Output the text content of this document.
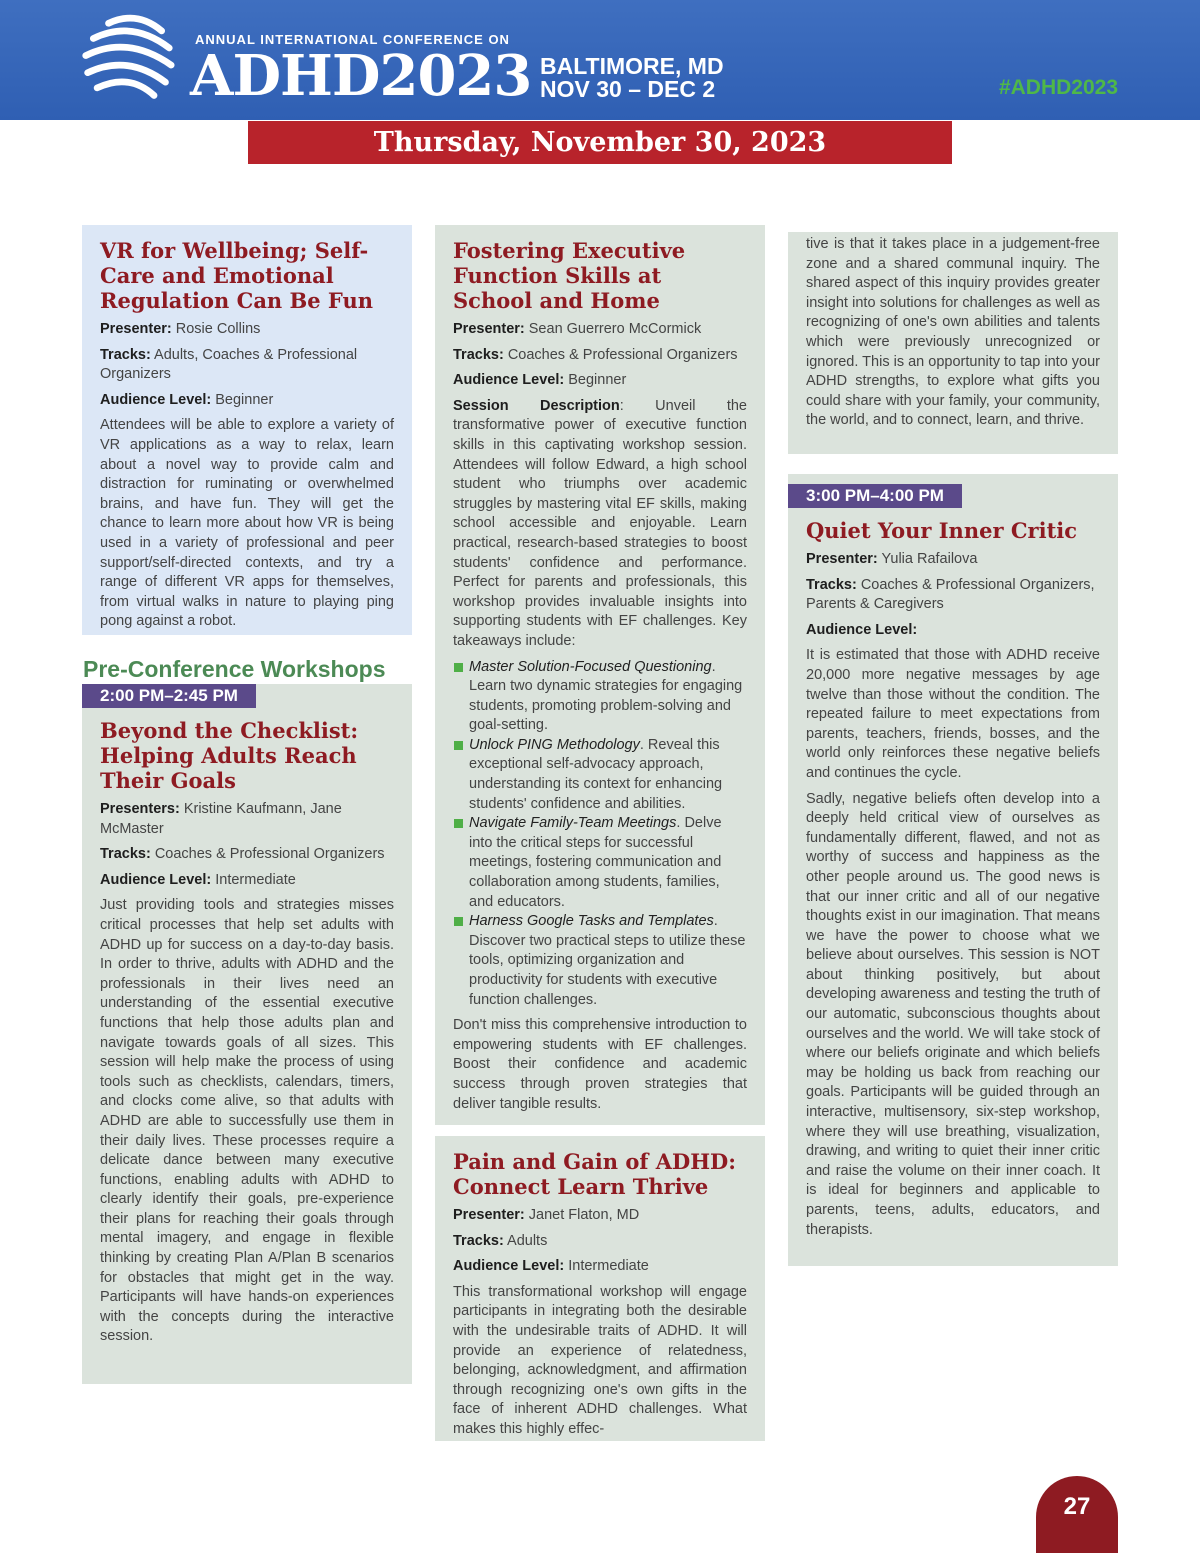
ANNUAL INTERNATIONAL CONFERENCE ON
ADHD2023 BALTIMORE, MD
NOV 30 – DEC 2	#ADHD2023
Thursday, November 30, 2023
VR for Wellbeing; Self-Care and Emotional Regulation Can Be Fun
Presenter: Rosie Collins
Tracks: Adults, Coaches & Professional Organizers
Audience Level: Beginner
Attendees will be able to explore a variety of VR applications as a way to relax, learn about a novel way to provide calm and distraction for ruminating or overwhelmed brains, and have fun. They will get the chance to learn more about how VR is being used in a variety of professional and peer support/self-directed contexts, and try a range of different VR apps for themselves, from virtual walks in nature to playing ping pong against a robot.
Pre-Conference Workshops
2:00 PM–2:45 PM
Beyond the Checklist: Helping Adults Reach Their Goals
Presenters: Kristine Kaufmann, Jane McMaster
Tracks: Coaches & Professional Organizers
Audience Level: Intermediate
Just providing tools and strategies misses critical processes that help set adults with ADHD up for success on a day-to-day basis. In order to thrive, adults with ADHD and the professionals in their lives need an understanding of the essential executive functions that help those adults plan and navigate towards goals of all sizes. This session will help make the process of using tools such as checklists, calendars, timers, and clocks come alive, so that adults with ADHD are able to successfully use them in their daily lives. These processes require a delicate dance between many executive functions, enabling adults with ADHD to clearly identify their goals, pre-experience their plans for reaching their goals through mental imagery, and engage in flexible thinking by creating Plan A/Plan B scenarios for obstacles that might get in the way. Participants will have hands-on experiences with the concepts during the interactive session.
Fostering Executive Function Skills at School and Home
Presenter: Sean Guerrero McCormick
Tracks: Coaches & Professional Organizers
Audience Level: Beginner
Session Description: Unveil the transformative power of executive function skills in this captivating workshop session. Attendees will follow Edward, a high school student who triumphs over academic struggles by mastering vital EF skills, making school accessible and enjoyable. Learn practical, research-based strategies to boost students' confidence and performance. Perfect for parents and professionals, this workshop provides invaluable insights into supporting students with EF challenges. Key takeaways include:
Master Solution-Focused Questioning. Learn two dynamic strategies for engaging students, promoting problem-solving and goal-setting.
Unlock PING Methodology. Reveal this exceptional self-advocacy approach, understanding its context for enhancing students' confidence and abilities.
Navigate Family-Team Meetings. Delve into the critical steps for successful meetings, fostering communication and collaboration among students, families, and educators.
Harness Google Tasks and Templates. Discover two practical steps to utilize these tools, optimizing organization and productivity for students with executive function challenges.
Don't miss this comprehensive introduction to empowering students with EF challenges. Boost their confidence and academic success through proven strategies that deliver tangible results.
Pain and Gain of ADHD: Connect Learn Thrive
Presenter: Janet Flaton, MD
Tracks: Adults
Audience Level: Intermediate
This transformational workshop will engage participants in integrating both the desirable with the undesirable traits of ADHD. It will provide an experience of relatedness, belonging, acknowledgment, and affirmation through recognizing one's own gifts in the face of inherent ADHD challenges. What makes this highly effec-
tive is that it takes place in a judgement-free zone and a shared communal inquiry. The shared aspect of this inquiry provides greater insight into solutions for challenges as well as recognizing of one's own abilities and talents which were previously unrecognized or ignored. This is an opportunity to tap into your ADHD strengths, to explore what gifts you could share with your family, your community, the world, and to connect, learn, and thrive.
3:00 PM–4:00 PM
Quiet Your Inner Critic
Presenter: Yulia Rafailova
Tracks: Coaches & Professional Organizers, Parents & Caregivers
Audience Level:
It is estimated that those with ADHD receive 20,000 more negative messages by age twelve than those without the condition. The repeated failure to meet expectations from parents, teachers, friends, bosses, and the world only reinforces these negative beliefs and continues the cycle.
Sadly, negative beliefs often develop into a deeply held critical view of ourselves as fundamentally different, flawed, and not as worthy of success and happiness as the other people around us. The good news is that our inner critic and all of our negative thoughts exist in our imagination. That means we have the power to choose what we believe about ourselves. This session is NOT about thinking positively, but about developing awareness and testing the truth of our automatic, subconscious thoughts about ourselves and the world. We will take stock of where our beliefs originate and which beliefs may be holding us back from reaching our goals. Participants will be guided through an interactive, multisensory, six-step workshop, where they will use breathing, visualization, drawing, and writing to quiet their inner critic and raise the volume on their inner coach. It is ideal for beginners and applicable to parents, teens, adults, educators, and therapists.
27
